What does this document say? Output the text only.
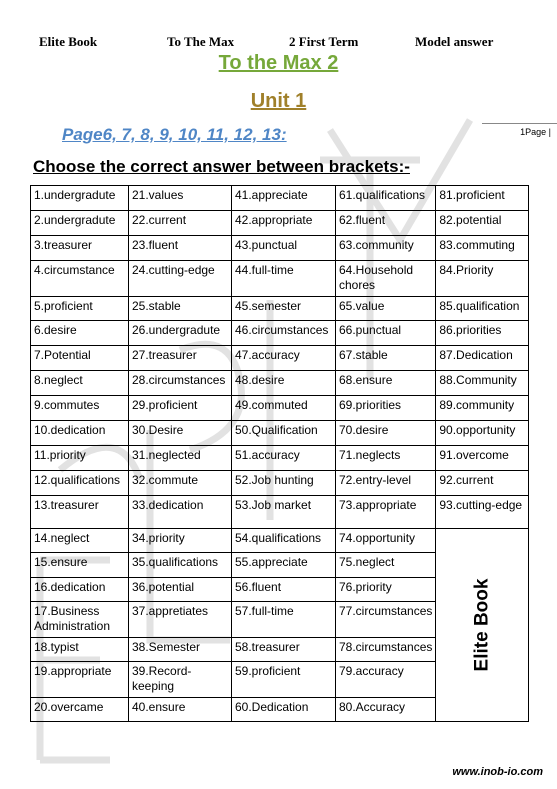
Elite Book	To The Max	2 First Term	Model answer
To the Max 2
Unit 1
Page6, 7, 8, 9, 10, 11, 12, 13:	1Page |
Choose the correct answer between brackets:-
1.undergradute	21.values	41.appreciate	61.qualifications	81.proficient
2.undergradute	22.current	42.appropriate	62.fluent	82.potential
3.treasurer	23.fluent	43.punctual	63.community	83.commuting
4.circumstance	24.cutting-edge	44.full-time	64.Household chores	84.Priority
5.proficient	25.stable	45.semester	65.value	85.qualification
6.desire	26.undergradute	46.circumstances	66.punctual	86.priorities
7.Potential	27.treasurer	47.accuracy	67.stable	87.Dedication
8.neglect	28.circumstances	48.desire	68.ensure	88.Community
9.commutes	29.proficient	49.commuted	69.priorities	89.community
10.dedication	30.Desire	50.Qualification	70.desire	90.opportunity
11.priority	31.neglected	51.accuracy	71.neglects	91.overcome
12.qualifications	32.commute	52.Job hunting	72.entry-level	92.current
13.treasurer	33.dedication	53.Job market	73.appropriate	93.cutting-edge
14.neglect	34.priority	54.qualifications	74.opportunity	Elite Book

15.ensure	35.qualifications	55.appreciate	75.neglect	
16.dedication	36.potential	56.fluent	76.priority	
17.Business Administration	37.appretiates	57.full-time	77.circumstances	
18.typist	38.Semester	58.treasurer	78.circumstances	
19.appropriate	39.Record-keeping	59.proficient	79.accuracy	
20.overcame	40.ensure	60.Dedication	80.Accuracy	
www.inob-io.com
